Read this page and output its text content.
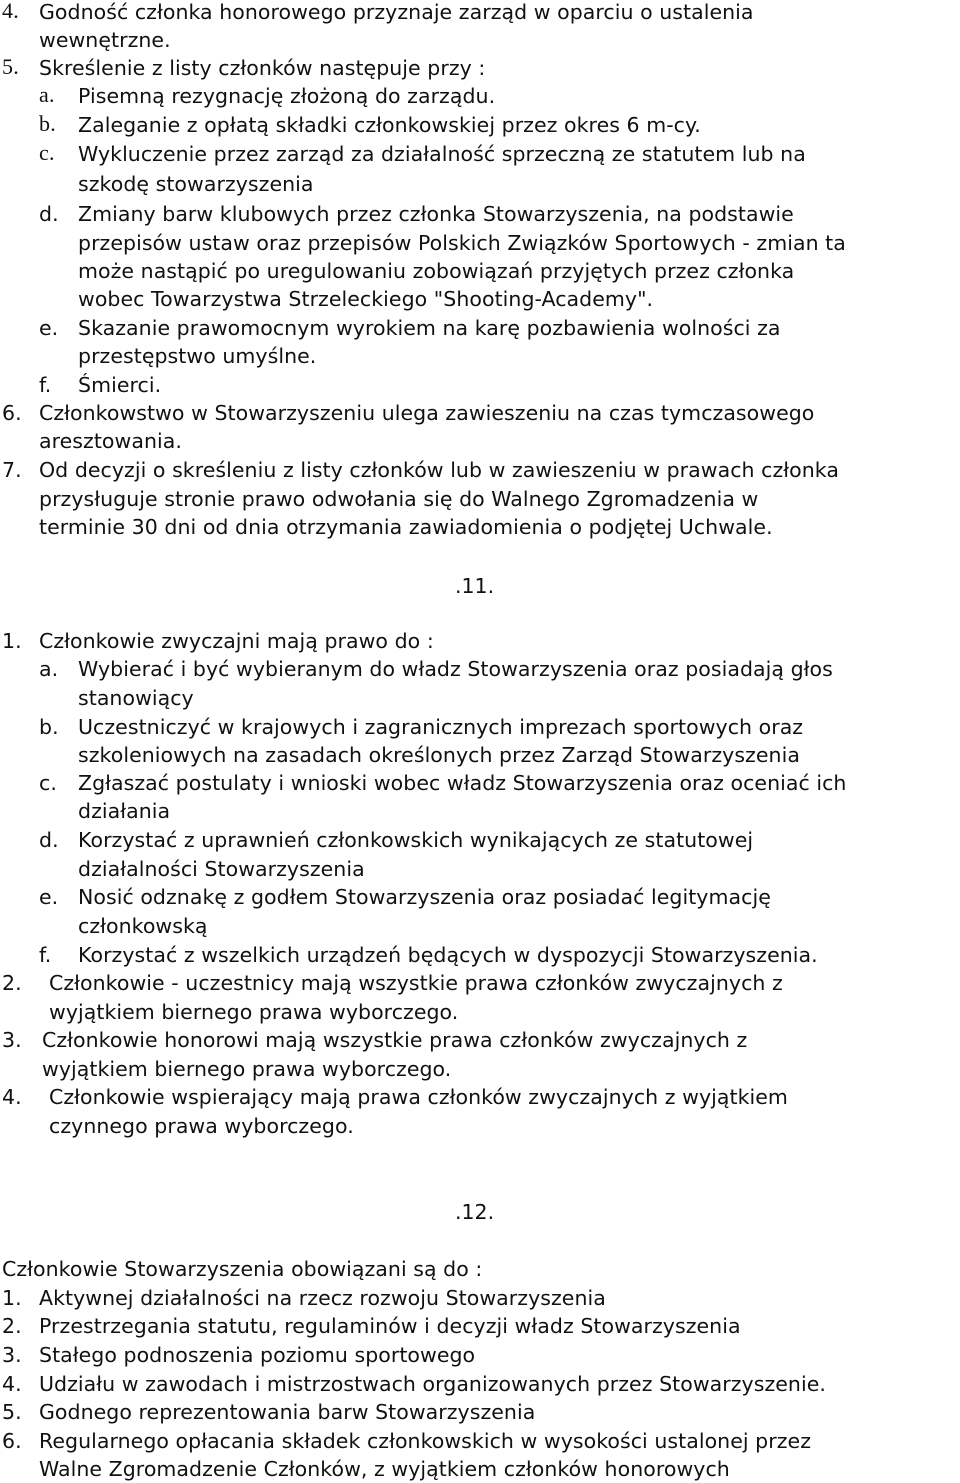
4. Godność członka honorowego przyznaje zarząd w oparciu o ustalenia
wewnętrzne.
5. Skreślenie z listy członków następuje przy :
a. Pisemną rezygnację złożoną do zarządu.
b. Zaleganie z opłatą składki członkowskiej przez okres 6 m-cy.
c. Wykluczenie przez zarząd za działalność sprzeczną ze statutem lub na
szkodę stowarzyszenia
d. Zmiany barw klubowych przez członka Stowarzyszenia, na podstawie
przepisów ustaw oraz przepisów Polskich Związków Sportowych - zmian ta
może nastąpić po uregulowaniu zobowiązań przyjętych przez członka
wobec Towarzystwa Strzeleckiego "Shooting-Academy".
e. Skazanie prawomocnym wyrokiem na karę pozbawienia wolności za
przestępstwo umyślne.
f. Śmierci.
6. Członkowstwo w Stowarzyszeniu ulega zawieszeniu na czas tymczasowego
aresztowania.
7. Od decyzji o skreśleniu z listy członków lub w zawieszeniu w prawach członka
przysługuje stronie prawo odwołania się do Walnego Zgromadzenia w
terminie 30 dni od dnia otrzymania zawiadomienia o podjętej Uchwale.
.11.
1. Członkowie zwyczajni mają prawo do :
a. Wybierać i być wybieranym do władz Stowarzyszenia oraz posiadają głos
stanowiący
b. Uczestniczyć w krajowych i zagranicznych imprezach sportowych oraz
szkoleniowych na zasadach określonych przez Zarząd Stowarzyszenia
c. Zgłaszać postulaty i wnioski wobec władz Stowarzyszenia oraz oceniać ich
działania
d. Korzystać z uprawnień członkowskich wynikających ze statutowej
działalności Stowarzyszenia
e. Nosić odznakę z godłem Stowarzyszenia oraz posiadać legitymację
członkowską
f. Korzystać z wszelkich urządzeń będących w dyspozycji Stowarzyszenia.
2. Członkowie - uczestnicy mają wszystkie prawa członków zwyczajnych z
wyjątkiem biernego prawa wyborczego.
3. Członkowie honorowi mają wszystkie prawa członków zwyczajnych z
wyjątkiem biernego prawa wyborczego.
4. Członkowie wspierający mają prawa członków zwyczajnych z wyjątkiem
czynnego prawa wyborczego.
.12.
Członkowie Stowarzyszenia obowiązani są do :
1. Aktywnej działalności na rzecz rozwoju Stowarzyszenia
2. Przestrzegania statutu, regulaminów i decyzji władz Stowarzyszenia
3. Stałego podnoszenia poziomu sportowego
4. Udziału w zawodach i mistrzostwach organizowanych przez Stowarzyszenie.
5. Godnego reprezentowania barw Stowarzyszenia
6. Regularnego opłacania składek członkowskich w wysokości ustalonej przez
Walne Zgromadzenie Członków, z wyjątkiem członków honorowych
